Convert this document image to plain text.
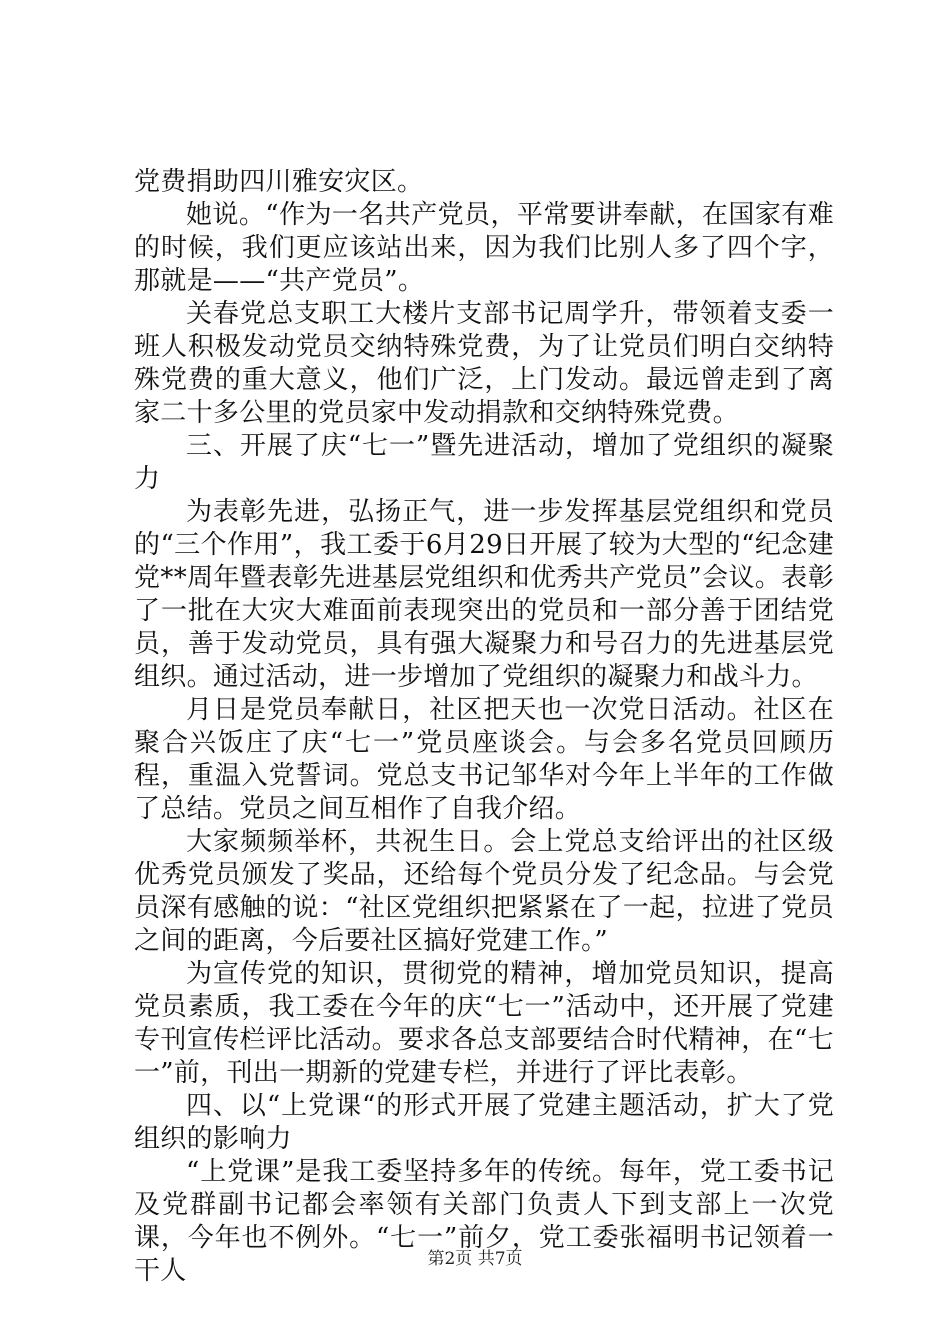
党费捐助四川雅安灾区。

她说。“作为一名共产党员，平常要讲奉献，在国家有难的时候，我们更应该站出来，因为我们比别人多了四个字，那就是——“共产党员”。

关春党总支职工大楼片支部书记周学升，带领着支委一班人积极发动党员交纳特殊党费，为了让党员们明白交纳特殊党费的重大意义，他们广泛，上门发动。最远曾走到了离家二十多公里的党员家中发动捐款和交纳特殊党费。

三、开展了庆“七一”暨先进活动，增加了党组织的凝聚力

为表彰先进，弘扬正气，进一步发挥基层党组织和党员的“三个作用”，我工委于6月29日开展了较为大型的“纪念建党**周年暨表彰先进基层党组织和优秀共产党员”会议。表彰了一批在大灾大难面前表现突出的党员和一部分善于团结党员，善于发动党员，具有强大凝聚力和号召力的先进基层党组织。通过活动，进一步增加了党组织的凝聚力和战斗力。

月日是党员奉献日，社区把天也一次党日活动。社区在聚合兴饭庄了庆“七一”党员座谈会。与会多名党员回顾历程，重温入党誓词。党总支书记邹华对今年上半年的工作做了总结。党员之间互相作了自我介绍。

大家频频举杯，共祝生日。会上党总支给评出的社区级优秀党员颁发了奖品，还给每个党员分发了纪念品。与会党员深有感触的说：“社区党组织把紧紧在了一起，拉进了党员之间的距离，今后要社区搞好党建工作。”

为宣传党的知识，贯彻党的精神，增加党员知识，提高党员素质，我工委在今年的庆“七一”活动中，还开展了党建专刊宣传栏评比活动。要求各总支部要结合时代精神，在“七一”前，刊出一期新的党建专栏，并进行了评比表彰。

四、以“上党课“的形式开展了党建主题活动，扩大了党组织的影响力

“上党课”是我工委坚持多年的传统。每年，党工委书记及党群副书记都会率领有关部门负责人下到支部上一次党课，今年也不例外。“七一”前夕，党工委张福明书记领着一干人	第2页 共7页
